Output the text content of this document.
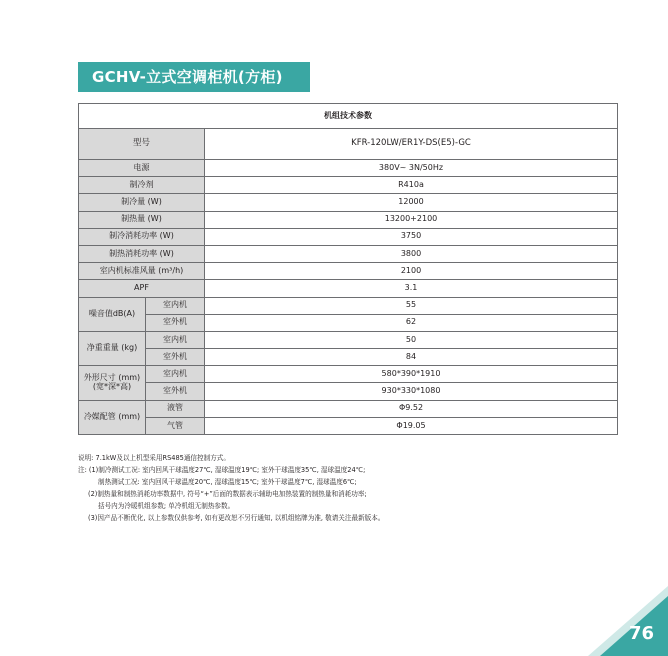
GCHV-立式空调柜机(方柜)
机组技术参数		
型号		KFR-120LW/ER1Y-DS(E5)-GC
电源		380V~ 3N/50Hz
制冷剂		R410a
制冷量 (W)		12000
制热量 (W)		13200+2100
制冷消耗功率 (W)		3750
制热消耗功率 (W)		3800
室内机标准风量 (m³/h)		2100
APF		3.1
噪音值dB(A)	室内机	55
	室外机	62
净重重量 (kg)	室内机	50
	室外机	84
外形尺寸 (mm) (宽*深*高)	室内机	580*390*1910
	室外机	930*330*1080
冷媒配管 (mm)	液管	Φ9.52
	气管	Φ19.05
说明: 7.1kW及以上机型采用RS485通信控制方式。
注: (1)制冷测试工况: 室内回风干球温度27℃, 湿球温度19℃; 室外干球温度35℃, 湿球温度24℃;
制热测试工况: 室内回风干球温度20℃, 湿球温度15℃; 室外干球温度7℃, 湿球温度6℃;
(2)制热量和制热消耗功率数据中, 符号“+”后面的数据表示辅助电加热装置的制热量和消耗功率;
括号内为冷暖机组参数; 单冷机组无制热参数。
(3)因产品不断优化, 以上参数仅供参考, 如有更改恕不另行通知, 以机组铭牌为准, 敬请关注最新版本。
76
